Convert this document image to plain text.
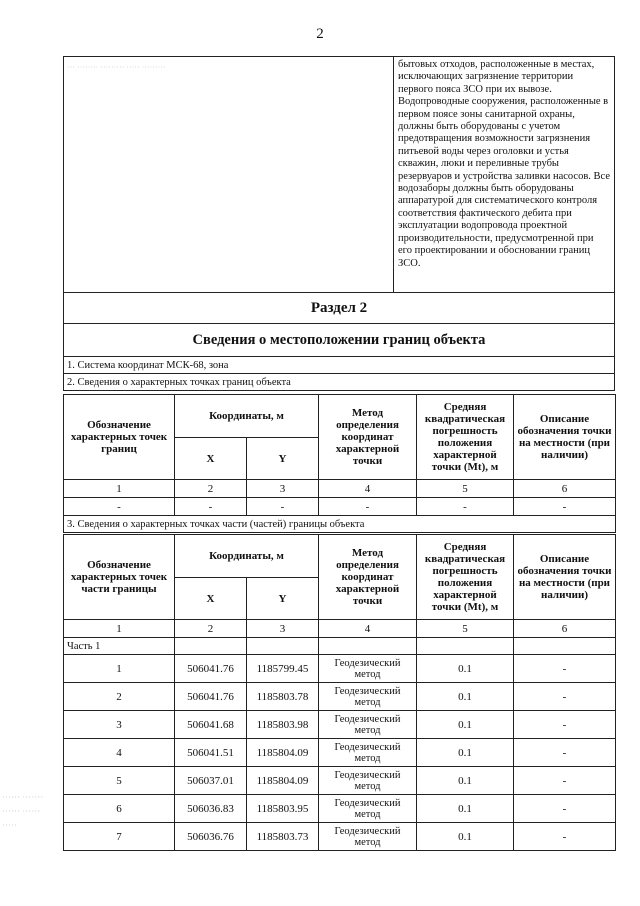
2
··· ········ ········· ····· ·········	бытовых отходов, расположенные в местах, исключающих загрязнение территории первого пояса ЗСО при их вывозе. Водопроводные сооружения, расположенные в первом поясе зоны санитарной охраны, должны быть оборудованы с учетом предотвращения возможности загрязнения питьевой воды через оголовки и устья скважин, люки и переливные трубы резервуаров и устройства заливки насосов. Все водозаборы должны быть оборудованы аппаратурой для систематического контроля соответствия фактического дебита при эксплуатации водопровода проектной производительности, предусмотренной при его проектировании и обосновании границ ЗСО.
Раздел 2
Сведения о местоположении границ объекта
1. Система координат МСК-68, зона
2. Сведения о характерных точках границ объекта
Обозначение характерных точек границ	Координаты, м		Метод определения координат характерной точки	Средняя квадратическая погрешность положения характерной точки (Mt), м	Описание обозначения точки на местности (при наличии)
	X	Y			
1	2	3	4	5	6
-	-	-	-	-	-
3. Сведения о характерных точках части (частей) границы объекта					
Обозначение характерных точек части границы	Координаты, м		Метод определения координат характерной точки	Средняя квадратическая погрешность положения характерной точки (Mt), м	Описание обозначения точки на местности (при наличии)
	X	Y			
1	2	3	4	5	6
Часть 1					
1	506041.76	1185799.45	Геодезический метод	0.1	-
2	506041.76	1185803.78	Геодезический метод	0.1	-
3	506041.68	1185803.98	Геодезический метод	0.1	-
4	506041.51	1185804.09	Геодезический метод	0.1	-
5	506037.01	1185804.09	Геодезический метод	0.1	-
6	506036.83	1185803.95	Геодезический метод	0.1	-
7	506036.76	1185803.73	Геодезический метод	0.1	-
······ ·······
······ ······
·····
